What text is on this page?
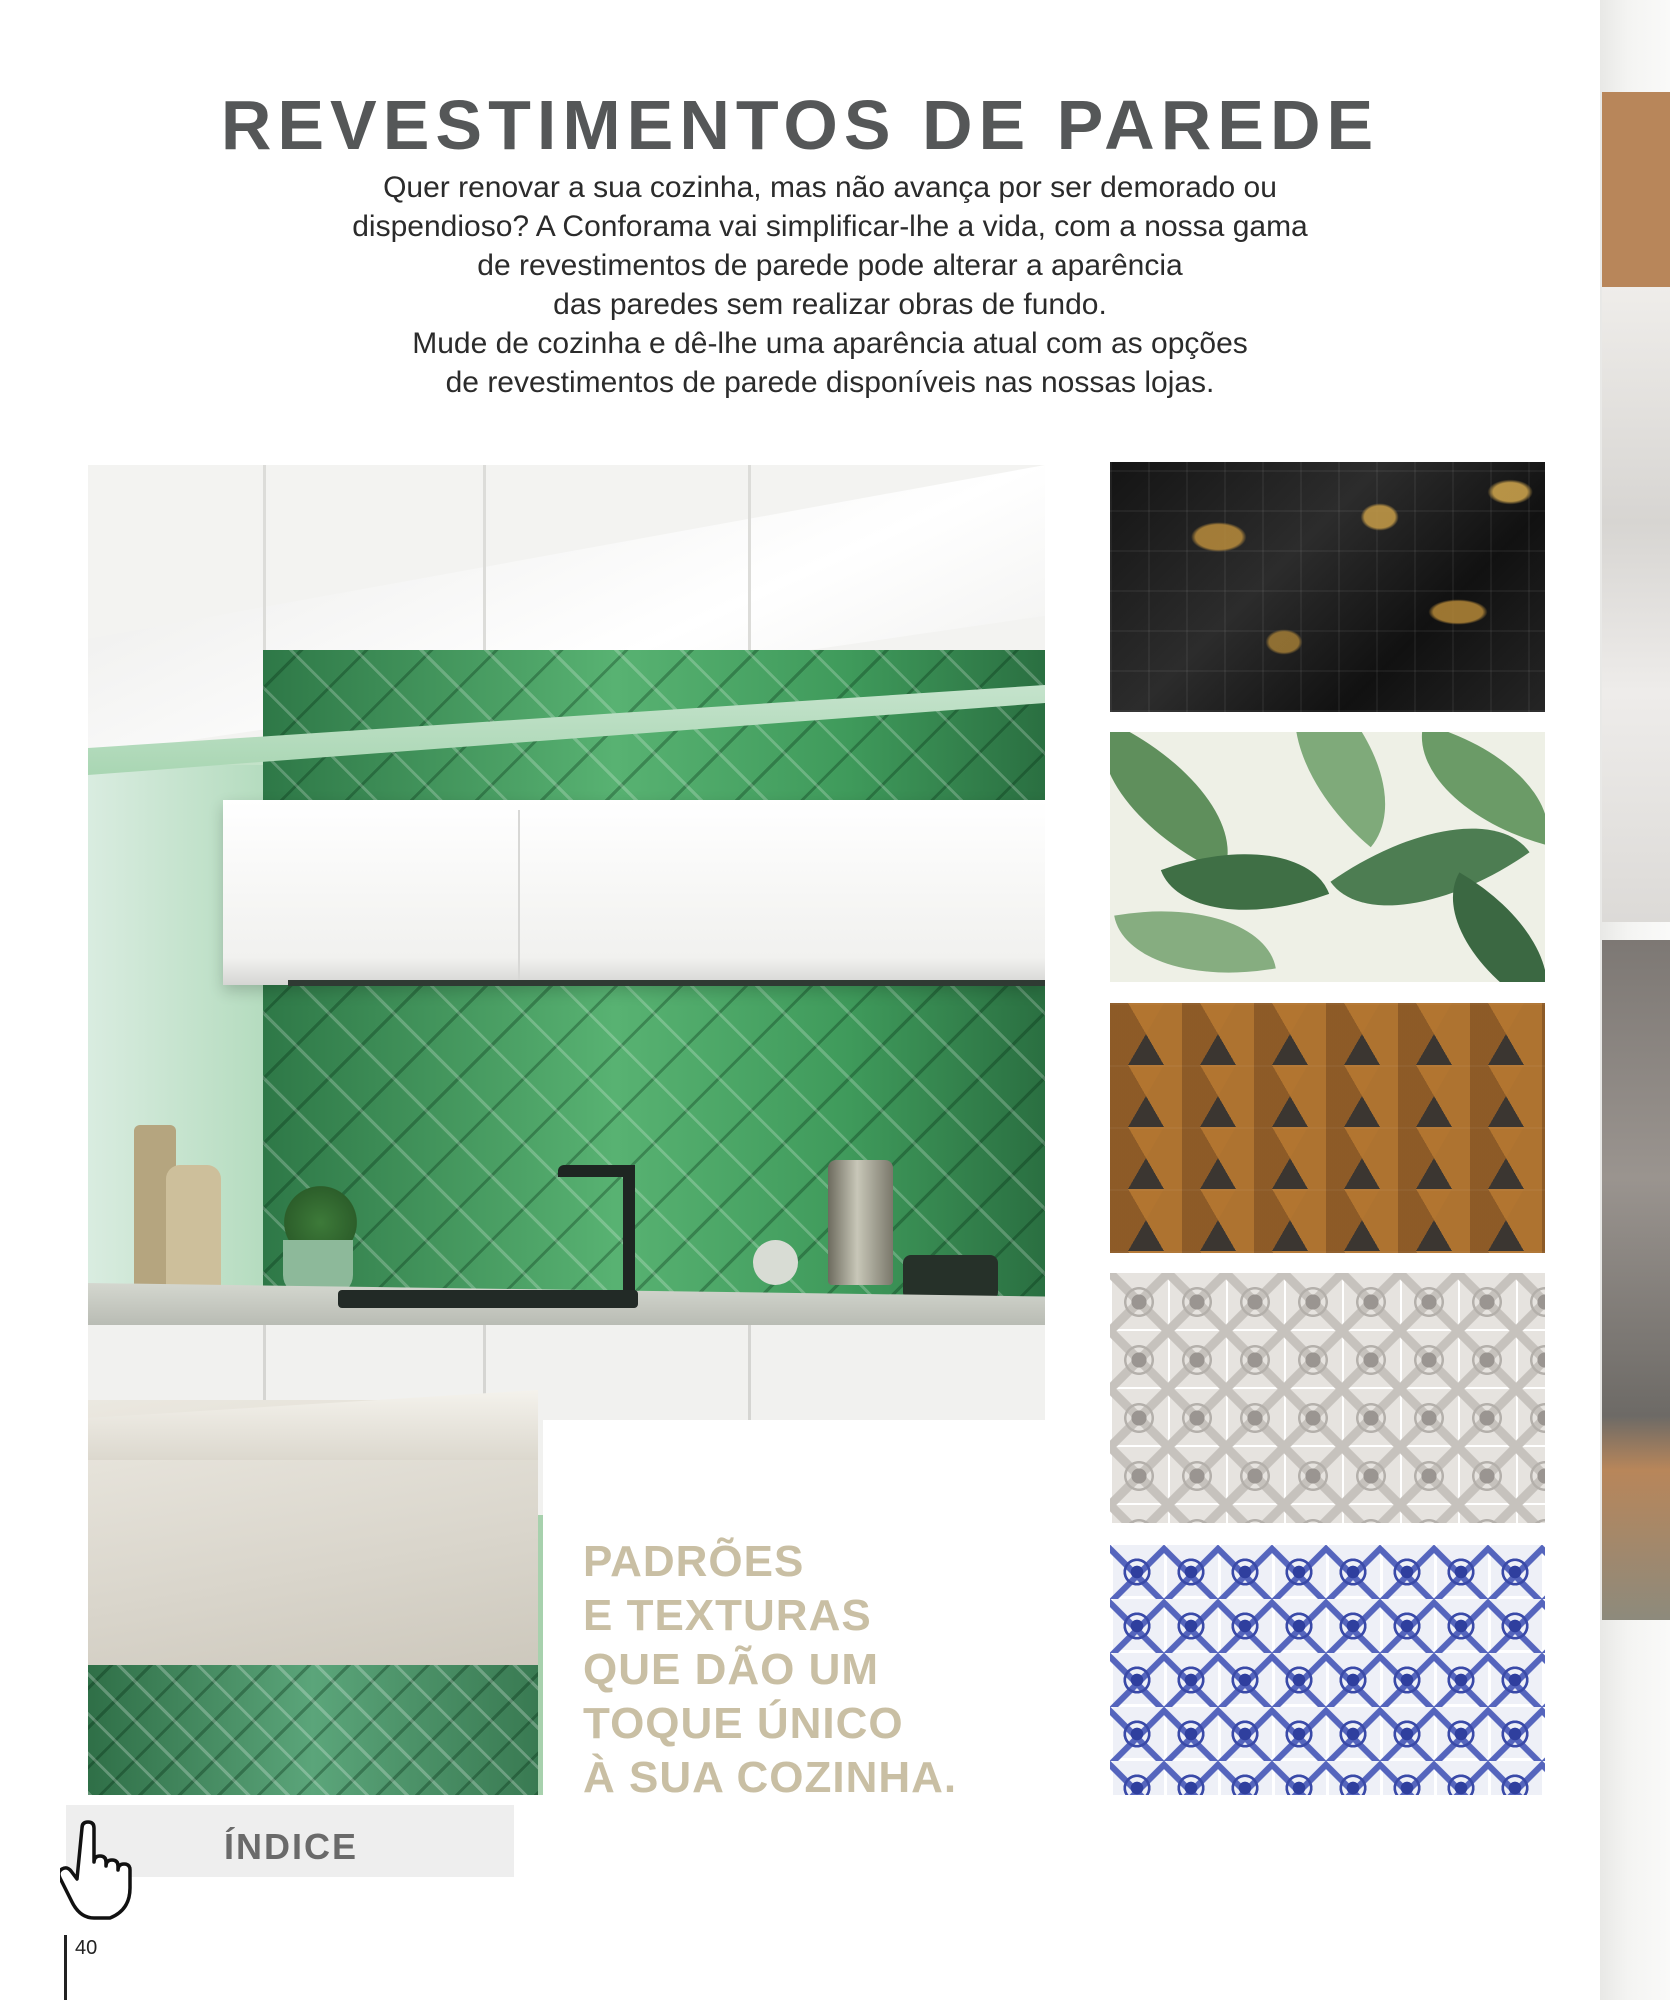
REVESTIMENTOS DE PAREDE

Quer renovar a sua cozinha, mas não avança por ser demorado ou
dispendioso? A Conforama vai simplificar-lhe a vida, com a nossa gama
de revestimentos de parede pode alterar a aparência
das paredes sem realizar obras de fundo.
Mude de cozinha e dê-lhe uma aparência atual com as opções
de revestimentos de parede disponíveis nas nossas lojas.

PADRÕES
E TEXTURAS
QUE DÃO UM
TOQUE ÚNICO
À SUA COZINHA.

ÍNDICE
40
